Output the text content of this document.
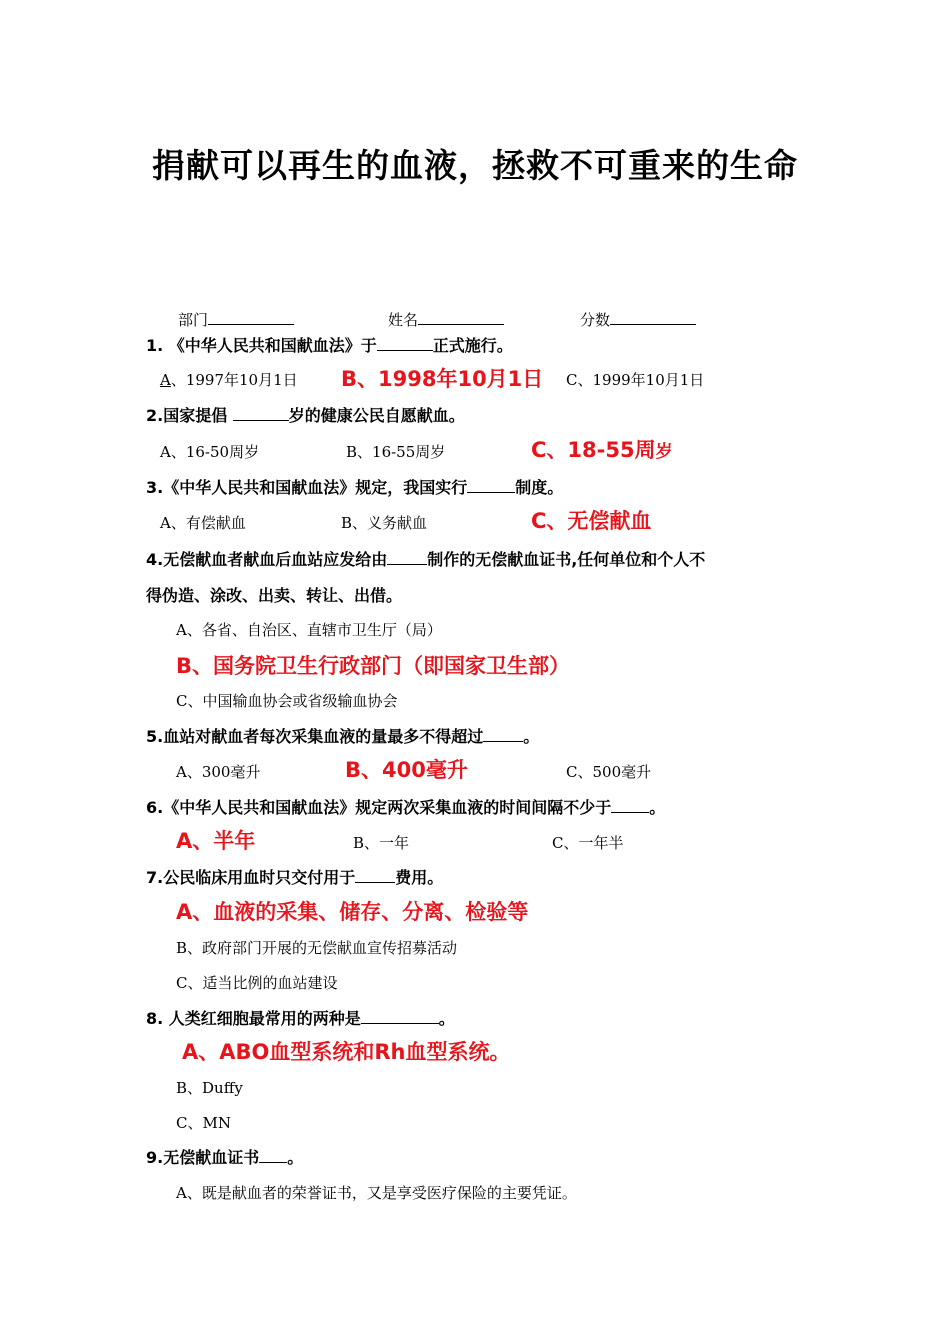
捐献可以再生的血液，拯救不可重来的生命
部门	姓名	分数
1. 《中华人民共和国献血法》于	正式施行。
A、1997年10月1日 B、1998年10月1日 C、1999年10月1日
2.国家提倡	岁的健康公民自愿献血。
A、16-50周岁	B、16-55周岁	C、18-55周岁
3.《中华人民共和国献血法》规定，我国实行	制度。
A、有偿献血	B、义务献血	C、无偿献血
4.无偿献血者献血后血站应发给由	制作的无偿献血证书,任何单位和个人不
得伪造、涂改、出卖、转让、出借。
A、各省、自治区、直辖市卫生厅（局）
B、国务院卫生行政部门（即国家卫生部）
C、中国输血协会或省级输血协会
5.血站对献血者每次采集血液的量最多不得超过	。
A、300毫升	B、400毫升	C、500毫升
6.《中华人民共和国献血法》规定两次采集血液的时间间隔不少于 。
A、半年	B、一年	C、一年半
7.公民临床用血时只交付用于	费用。
A、血液的采集、储存、分离、检验等
B、政府部门开展的无偿献血宣传招募活动
C、适当比例的血站建设
8. 人类红细胞最常用的两种是	。
A、ABO血型系统和Rh血型系统。
B、Duffy
C、MN
9.无偿献血证书 。
A、既是献血者的荣誉证书，又是享受医疗保险的主要凭证。
